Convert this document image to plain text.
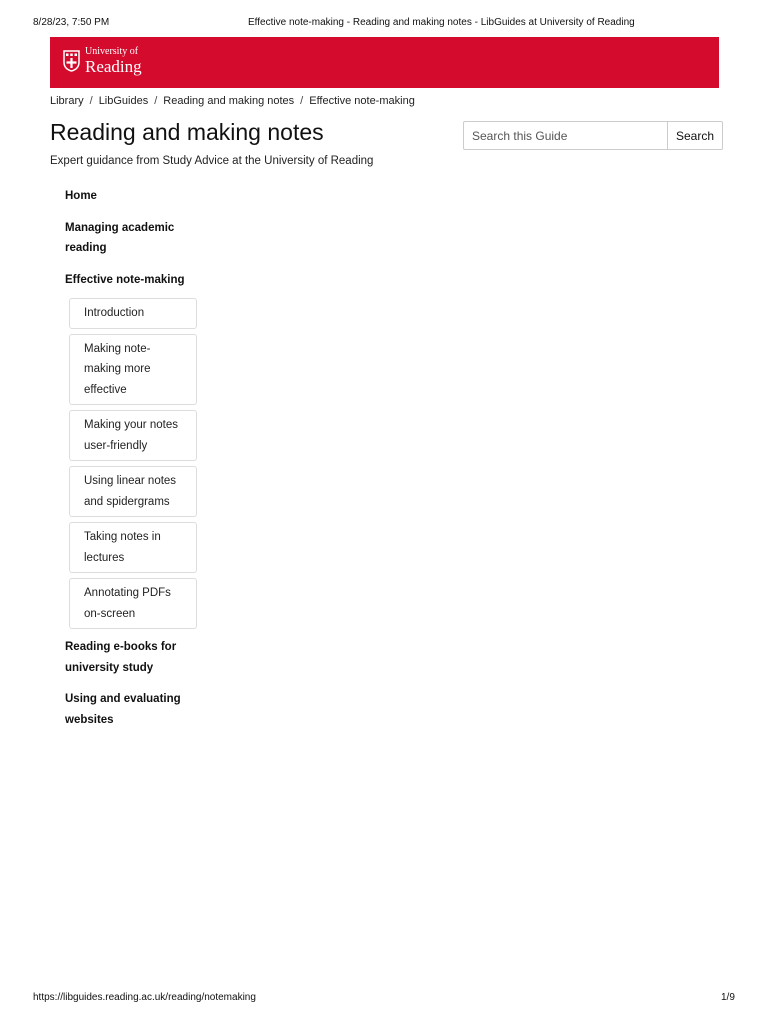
8/28/23, 7:50 PM	Effective note-making - Reading and making notes - LibGuides at University of Reading
University of
Reading
Library / LibGuides / Reading and making notes / Effective note-making
Reading and making notes
Search this Guide	Search
Expert guidance from Study Advice at the University of Reading
Home
Managing academic reading
Effective note-making
Introduction
Making note-making more effective
Making your notes user-friendly
Using linear notes and spidergrams
Taking notes in lectures
Annotating PDFs on-screen
Reading e-books for university study
Using and evaluating websites
https://libguides.reading.ac.uk/reading/notemaking	1/9
